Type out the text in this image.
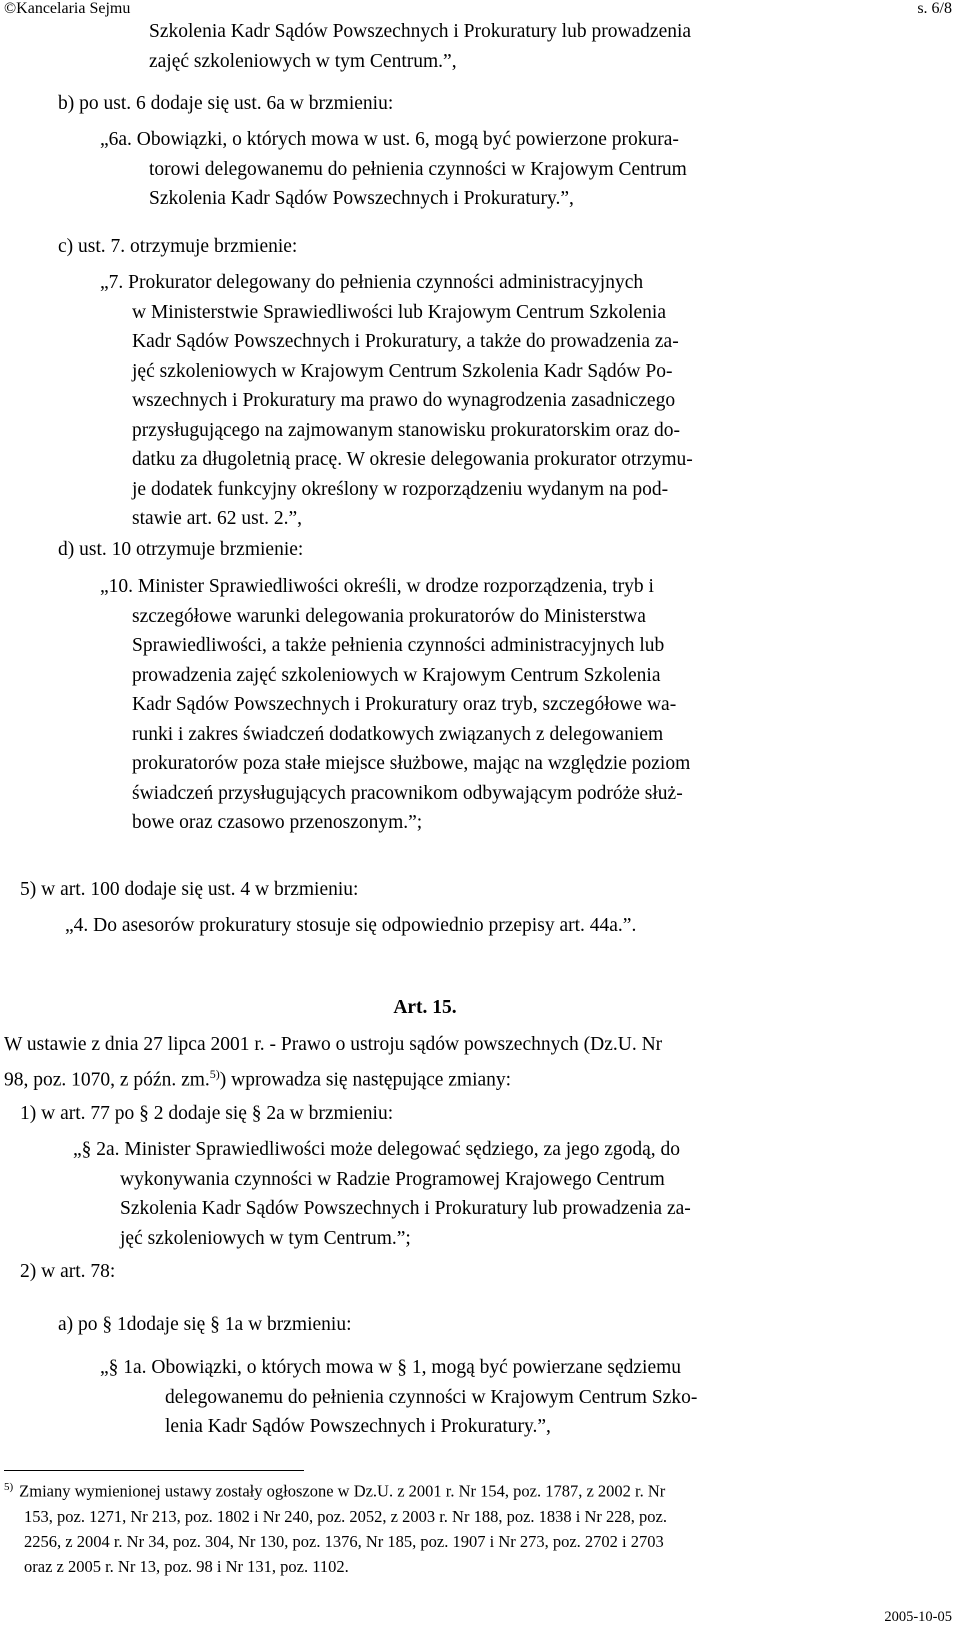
©Kancelaria Sejmu	s. 6/8
Szkolenia Kadr Sądów Powszechnych i Prokuratury lub prowadzenia
zajęć szkoleniowych w tym Centrum.”,
b) po ust. 6 dodaje się ust. 6a w brzmieniu:
„6a. Obowiązki, o których mowa w ust. 6, mogą być powierzone prokura-
torowi delegowanemu do pełnienia czynności w Krajowym Centrum
Szkolenia Kadr Sądów Powszechnych i Prokuratury.”,
c) ust. 7. otrzymuje brzmienie:
„7. Prokurator delegowany do pełnienia czynności administracyjnych
w Ministerstwie Sprawiedliwości lub Krajowym Centrum Szkolenia
Kadr Sądów Powszechnych i Prokuratury, a także do prowadzenia za-
jęć szkoleniowych w Krajowym Centrum Szkolenia Kadr Sądów Po-
wszechnych i Prokuratury ma prawo do wynagrodzenia zasadniczego
przysługującego na zajmowanym stanowisku prokuratorskim oraz do-
datku za długoletnią pracę. W okresie delegowania prokurator otrzymu-
je dodatek funkcyjny określony w rozporządzeniu wydanym na pod-
stawie art. 62 ust. 2.”,
d) ust. 10 otrzymuje brzmienie:
„10. Minister Sprawiedliwości określi, w drodze rozporządzenia, tryb i
szczegółowe warunki delegowania prokuratorów do Ministerstwa
Sprawiedliwości, a także pełnienia czynności administracyjnych lub
prowadzenia zajęć szkoleniowych w Krajowym Centrum Szkolenia
Kadr Sądów Powszechnych i Prokuratury oraz tryb, szczegółowe wa-
runki i zakres świadczeń dodatkowych związanych z delegowaniem
prokuratorów poza stałe miejsce służbowe, mając na względzie poziom
świadczeń przysługujących pracownikom odbywającym podróże służ-
bowe oraz czasowo przenoszonym.”;
5) w art. 100 dodaje się ust. 4 w brzmieniu:
„4. Do asesorów prokuratury stosuje się odpowiednio przepisy art. 44a.”.
Art. 15.
W ustawie z dnia 27 lipca 2001 r. - Prawo o ustroju sądów powszechnych (Dz.U. Nr
98, poz. 1070, z późn. zm.$^{5)}$) wprowadza się następujące zmiany:
1) w art. 77 po § 2 dodaje się § 2a w brzmieniu:
„§ 2a. Minister Sprawiedliwości może delegować sędziego, za jego zgodą, do
wykonywania czynności w Radzie Programowej Krajowego Centrum
Szkolenia Kadr Sądów Powszechnych i Prokuratury lub prowadzenia za-
jęć szkoleniowych w tym Centrum.”;
2) w art. 78:
a) po § 1dodaje się § 1a w brzmieniu:
„§ 1a. Obowiązki, o których mowa w § 1, mogą być powierzane sędziemu
delegowanemu do pełnienia czynności w Krajowym Centrum Szko-
lenia Kadr Sądów Powszechnych i Prokuratury.”,
$^{5)}$ Zmiany wymienionej ustawy zostały ogłoszone w Dz.U. z 2001 r. Nr 154, poz. 1787, z 2002 r. Nr
153, poz. 1271, Nr 213, poz. 1802 i Nr 240, poz. 2052, z 2003 r. Nr 188, poz. 1838 i Nr 228, poz.
2256, z 2004 r. Nr 34, poz. 304, Nr 130, poz. 1376, Nr 185, poz. 1907 i Nr 273, poz. 2702 i 2703
oraz z 2005 r. Nr 13, poz. 98 i Nr 131, poz. 1102.
2005-10-05
